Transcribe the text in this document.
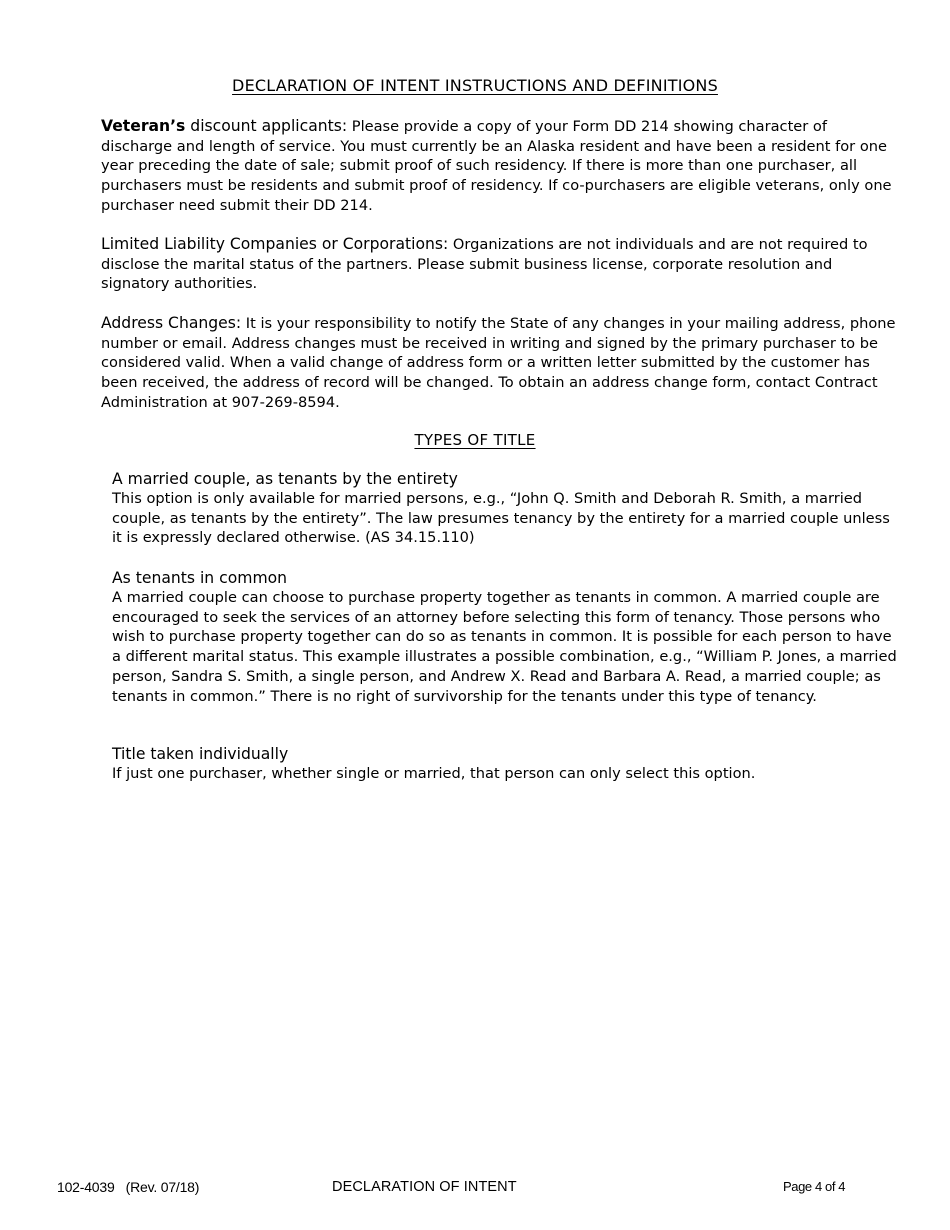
DECLARATION OF INTENT INSTRUCTIONS AND DEFINITIONS

Veteran’s discount applicants: Please provide a copy of your Form DD 214 showing character of discharge and length of service. You must currently be an Alaska resident and have been a resident for one year preceding the date of sale; submit proof of such residency. If there is more than one purchaser, all purchasers must be residents and submit proof of residency. If co-purchasers are eligible veterans, only one purchaser need submit their DD 214.

Limited Liability Companies or Corporations: Organizations are not individuals and are not required to disclose the marital status of the partners. Please submit business license, corporate resolution and signatory authorities.

Address Changes: It is your responsibility to notify the State of any changes in your mailing address, phone number or email. Address changes must be received in writing and signed by the primary purchaser to be considered valid. When a valid change of address form or a written letter submitted by the customer has been received, the address of record will be changed. To obtain an address change form, contact Contract Administration at 907-269-8594.

TYPES OF TITLE
A married couple, as tenants by the entirety

This option is only available for married persons, e.g., “John Q. Smith and Deborah R. Smith, a married couple, as tenants by the entirety”. The law presumes tenancy by the entirety for a married couple unless it is expressly declared otherwise. (AS 34.15.110)

As tenants in common

A married couple can choose to purchase property together as tenants in common. A married couple are encouraged to seek the services of an attorney before selecting this form of tenancy. Those persons who wish to purchase property together can do so as tenants in common. It is possible for each person to have a different marital status. This example illustrates a possible combination, e.g., “William P. Jones, a married person, Sandra S. Smith, a single person, and Andrew X. Read and Barbara A. Read, a married couple; as tenants in common.” There is no right of survivorship for the tenants under this type of tenancy.

Title taken individually

If just one purchaser, whether single or married, that person can only select this option.

102-4039   (Rev. 07/18)	DECLARATION OF INTENT	Page 4 of 4
